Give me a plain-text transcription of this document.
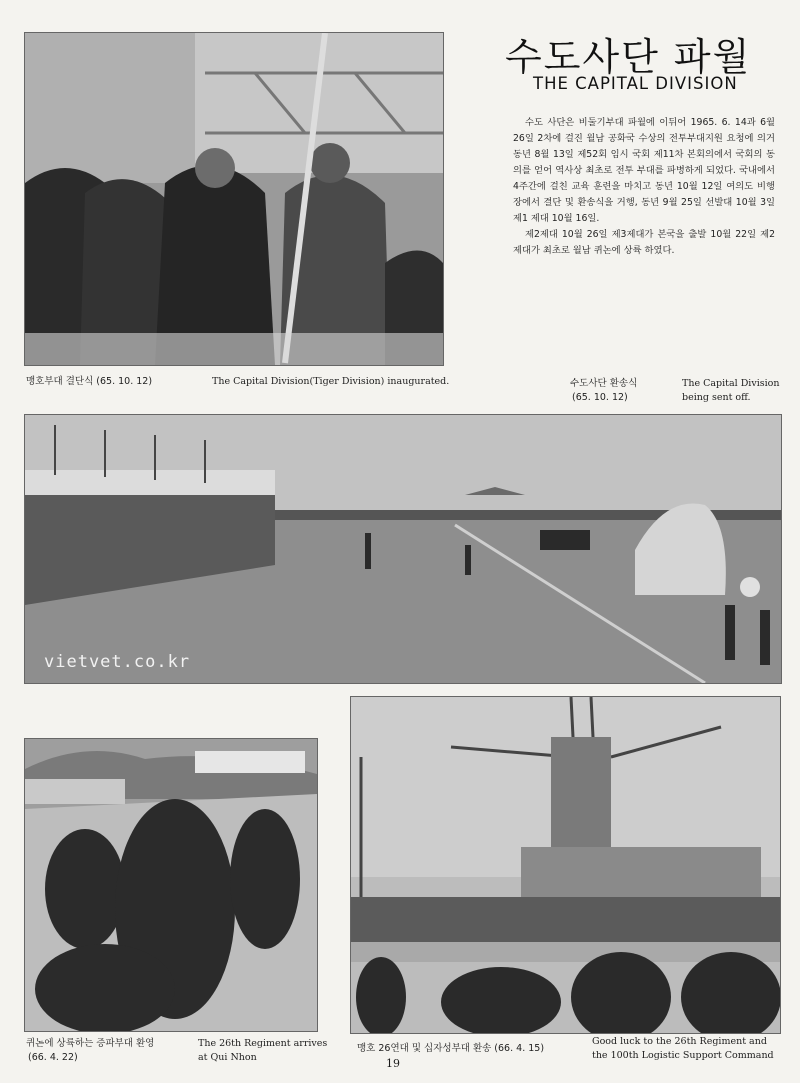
수도사단 파월
THE CAPITAL DIVISION

수도 사단은 비둘기부대 파월에 이뒤어 1965. 6. 14과 6월 26일 2차에 걸진 월남 공화국 수상의 전투부대지원 요청에 의거 동년 8월 13일 제52회 임시 국회 제11차 본회의에서 국회의 동의를 얻어 역사상 최초로 전투 부대를 파병하게 되었다. 국내에서 4주간에 걸친 교육 훈련을 마치고 동년 10월 12일 여의도 비행장에서 결단 및 환송식을 거행, 동년 9월 25일 선발대 10월 3일 제1 제대 10월 16일.

제2제대 10월 26일 제3제대가 본국을 출발 10월 22일 제2제대가 최초로 월남 퀴논에 상륙 하였다.

맹호부대 결단식 (65. 10. 12)	The Capital Division(Tiger Division) inaugurated.	수도사단 환송식
(65. 10. 12)
The Capital Division
being sent off.
vietvet.co.kr
퀴논에 상륙하는 증파부대 환영
(66. 4. 22)
The 26th Regiment arrives
at Qui Nhon
맹호 26연대 및 십자성부대 환송 (66. 4. 15)
Good luck to the 26th Regiment and
the 100th Logistic Support Command
19
